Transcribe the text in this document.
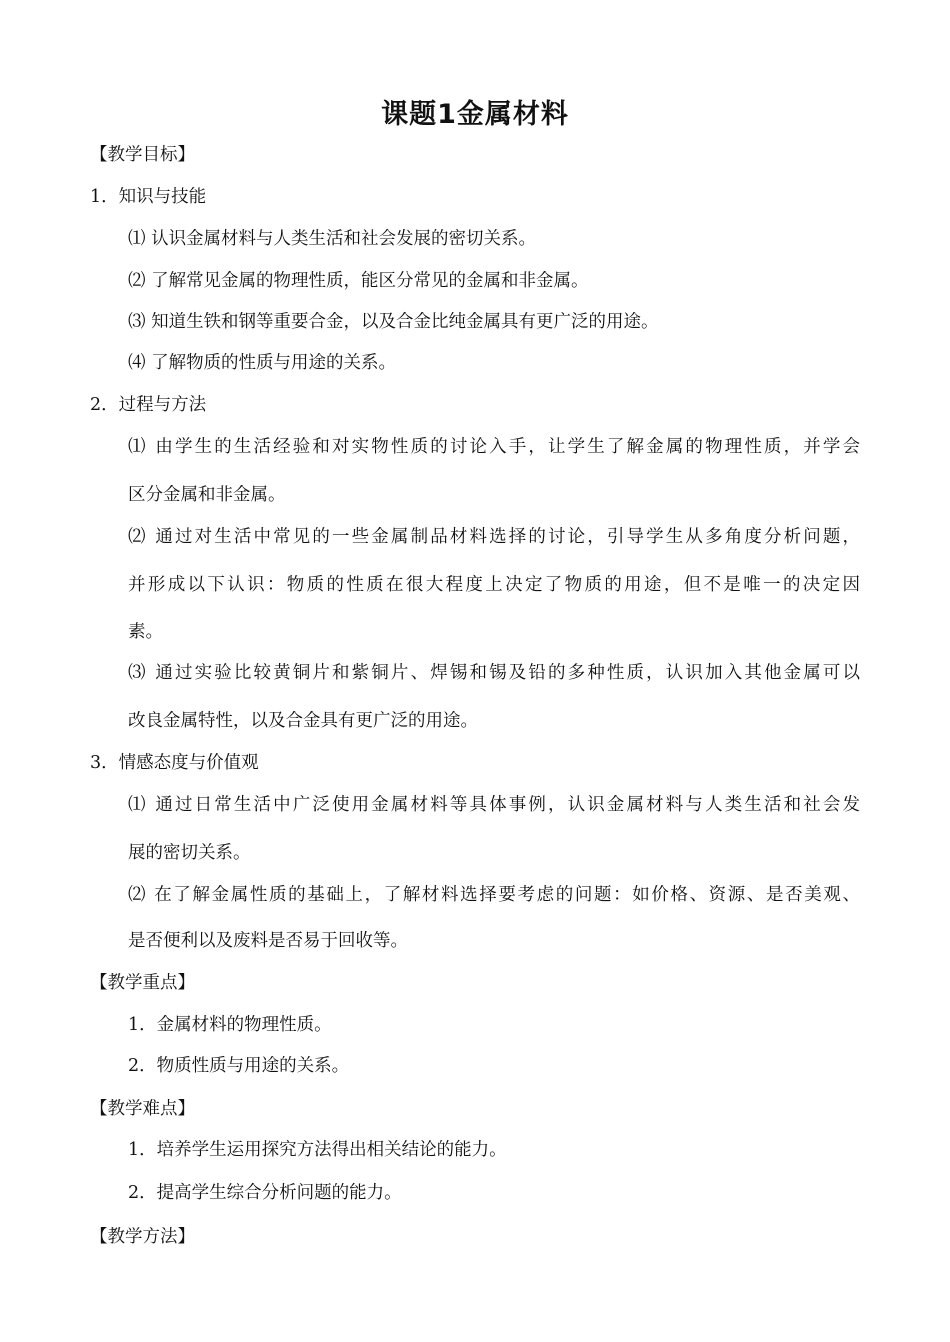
课题1金属材料
【教学目标】
1．知识与技能
⑴ 认识金属材料与人类生活和社会发展的密切关系。
⑵ 了解常见金属的物理性质，能区分常见的金属和非金属。
⑶ 知道生铁和钢等重要合金，以及合金比纯金属具有更广泛的用途。
⑷ 了解物质的性质与用途的关系。
2．过程与方法
⑴ 由学生的生活经验和对实物性质的讨论入手，让学生了解金属的物理性质，并学会
区分金属和非金属。
⑵ 通过对生活中常见的一些金属制品材料选择的讨论，引导学生从多角度分析问题，
并形成以下认识：物质的性质在很大程度上决定了物质的用途，但不是唯一的决定因
素。
⑶ 通过实验比较黄铜片和紫铜片、焊锡和锡及铅的多种性质，认识加入其他金属可以
改良金属特性，以及合金具有更广泛的用途。
3．情感态度与价值观
⑴ 通过日常生活中广泛使用金属材料等具体事例，认识金属材料与人类生活和社会发
展的密切关系。
⑵ 在了解金属性质的基础上，了解材料选择要考虑的问题：如价格、资源、是否美观、
是否便利以及废料是否易于回收等。
【教学重点】
1．金属材料的物理性质。
2．物质性质与用途的关系。
【教学难点】
1．培养学生运用探究方法得出相关结论的能力。
2．提高学生综合分析问题的能力。
【教学方法】
